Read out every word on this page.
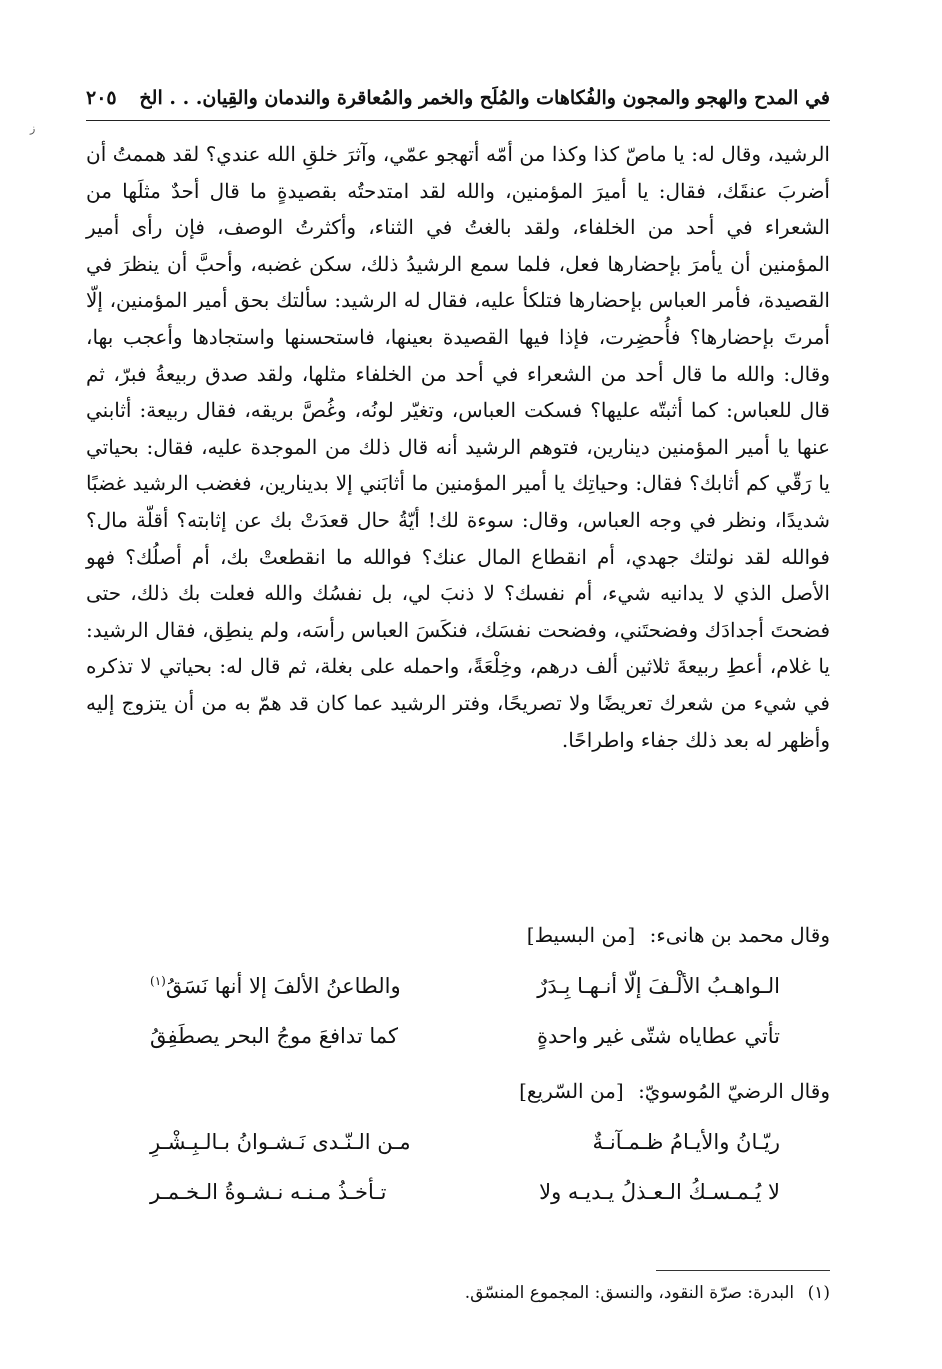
ز
في المدح والهجو والمجون والفُكاهات والمُلَح والخمر والمُعاقرة والندمان والقِيان. . . الخ
٢٠٥

الرشيد، وقال له: يا ماصّ كذا وكذا من أمّه أتهجو عمّي، وآثرَ خلقِ الله عندي؟ لقد هممتُ أن أضربَ عنقَك، فقال: يا أميرَ المؤمنين، والله لقد امتدحتُه بقصيدةٍ ما قال أحدٌ مثلَها من الشعراء في أحد من الخلفاء، ولقد بالغتُ في الثناء، وأكثرتُ الوصف، فإن رأى أمير المؤمنين أن يأمرَ بإحضارها فعل، فلما سمع الرشيدُ ذلك، سكن غضبه، وأحبَّ أن ينظرَ في القصيدة، فأمر العباس بإحضارها فتلكأ عليه، فقال له الرشيد: سألتك بحق أمير المؤمنين، إلّا أمرتَ بإحضارها؟ فأُحضِرت، فإذا فيها القصيدة بعينها، فاستحسنها واستجادها وأعجب بها، وقال: والله ما قال أحد من الشعراء في أحد من الخلفاء مثلها، ولقد صدق ربيعةُ فبرّ، ثم قال للعباس: كما أثبتّه عليها؟ فسكت العباس، وتغيّر لونُه، وغُصَّ بريقه، فقال ربيعة: أثابني عنها يا أمير المؤمنين دينارين، فتوهم الرشيد أنه قال ذلك من الموجدة عليه، فقال: بحياتي يا رَقّي كم أثابك؟ فقال: وحياتِك يا أمير المؤمنين ما أثابَني إلا بدينارين، فغضب الرشيد غضبًا شديدًا، ونظر في وجه العباس، وقال: سوءة لك! أيّةُ حال قعدَتْ بك عن إثابته؟ أقلّة مال؟ فوالله لقد نولتك جهدي، أم انقطاع المال عنك؟ فوالله ما انقطعتْ بك، أم أصلُك؟ فهو الأصل الذي لا يدانيه شيء، أم نفسك؟ لا ذنبَ لي، بل نفسُك والله فعلت بك ذلك، حتى فضحتَ أجدادَك وفضحتَني، وفضحت نفسَك، فنكَسَ العباس رأسَه، ولم ينطِق، فقال الرشيد: يا غلام، أعطِ ربيعةَ ثلاثين ألف درهم، وخِلْعَةً، واحمله على بغلة، ثم قال له: بحياتي لا تذكره في شيء من شعرك تعريضًا ولا تصريحًا، وفتر الرشيد عما كان قد همّ به من أن يتزوج إليه وأظهر له بعد ذلك جفاء واطراحًا.

وقال محمد بن هانىء: [من البسيط]
الـواهـبُ الألْـفَ إلّا أنـهـا بِـدَرٌ
والطاعنُ الألفَ إلا أنها نَسَقُ$^{(١)}$
تأتي عطاياه شتّى غير واحدةٍ
كما تدافعَ موجُ البحر يصطَفِقُ
وقال الرضيّ المُوسويّ: [من السّريع]
ريّـانُ والأيـامُ ظـمـآنـةٌ
مـن الـنّـدى نَـشـوانُ بـالـبِـشْـرِ
لا يُـمـسـكُ الـعـذلُ يـديـه ولا
تـأخـذُ مـنـه نـشـوةُ الـخـمـر
(١) البدرة: صرّة النقود، والنسق: المجموع المنسّق.
